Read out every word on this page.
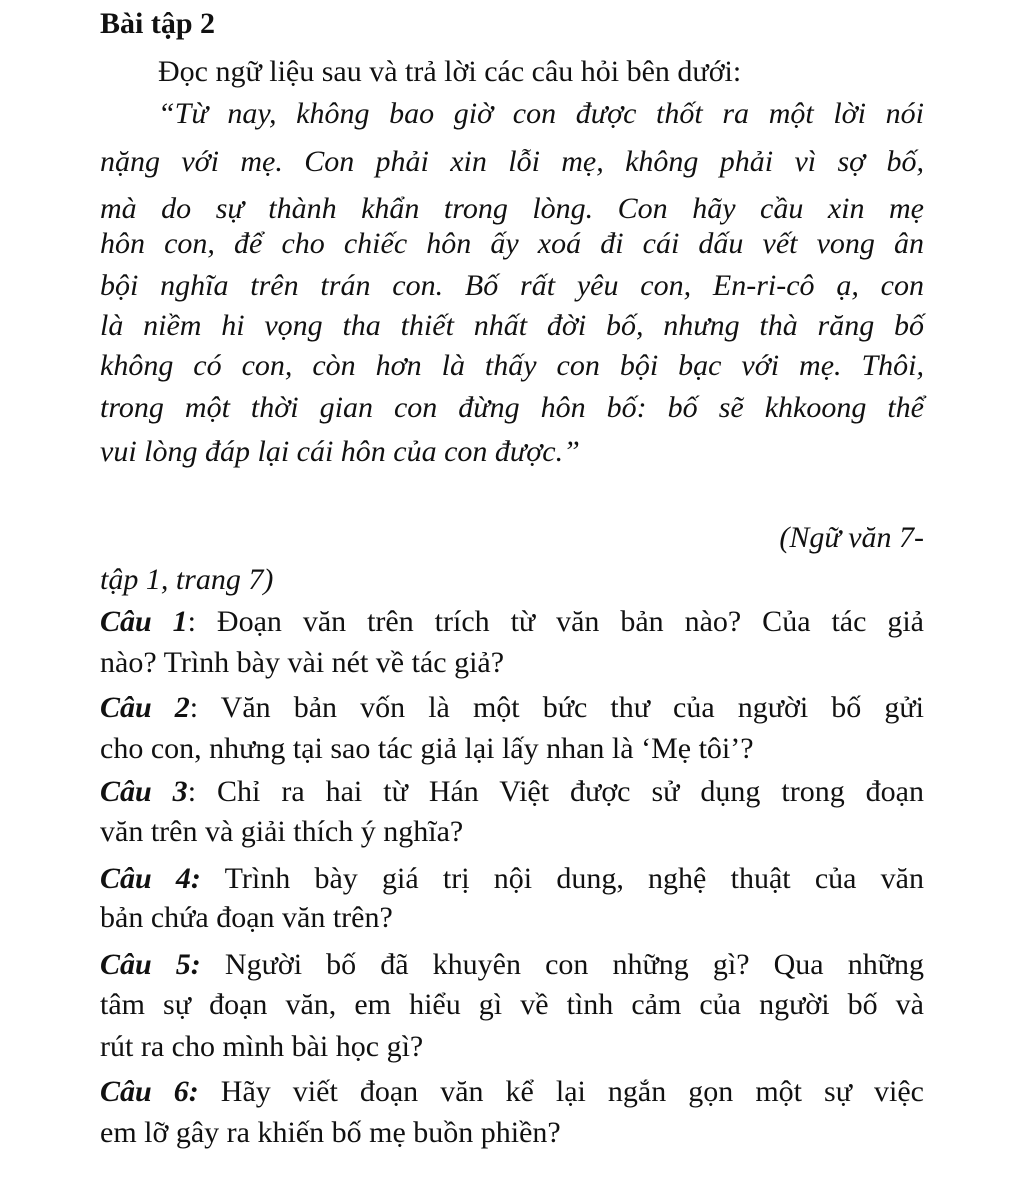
Bài tập 2
Đọc ngữ liệu sau và trả lời các câu hỏi bên dưới:
“Từ nay, không bao giờ con được thốt ra một lời nói
nặng với mẹ. Con phải xin lỗi mẹ, không phải vì sợ bố,
mà do sự thành khẩn trong lòng. Con hãy cầu xin mẹ
hôn con, để cho chiếc hôn ấy xoá đi cái dấu vết vong ân
bội nghĩa trên trán con. Bố rất yêu con, En-ri-cô ạ, con
là niềm hi vọng tha thiết nhất đời bố, nhưng thà răng bố
không có con, còn hơn là thấy con bội bạc với mẹ. Thôi,
trong một thời gian con đừng hôn bố: bố sẽ khkoong thể
vui lòng đáp lại cái hôn của con được.”
(Ngữ văn 7-
tập 1, trang 7)
Câu 1: Đoạn văn trên trích từ văn bản nào? Của tác giả
nào? Trình bày vài nét về tác giả?
Câu 2: Văn bản vốn là một bức thư của người bố gửi
cho con, nhưng tại sao tác giả lại lấy nhan là ‘Mẹ tôi’?
Câu 3: Chỉ ra hai từ Hán Việt được sử dụng trong đoạn
văn trên và giải thích ý nghĩa?
Câu 4: Trình bày giá trị nội dung, nghệ thuật của văn
bản chứa đoạn văn trên?
Câu 5: Người bố đã khuyên con những gì? Qua những
tâm sự đoạn văn, em hiểu gì về tình cảm của người bố và
rút ra cho mình bài học gì?
Câu 6: Hãy viết đoạn văn kể lại ngắn gọn một sự việc
em lỡ gây ra khiến bố mẹ buồn phiền?
